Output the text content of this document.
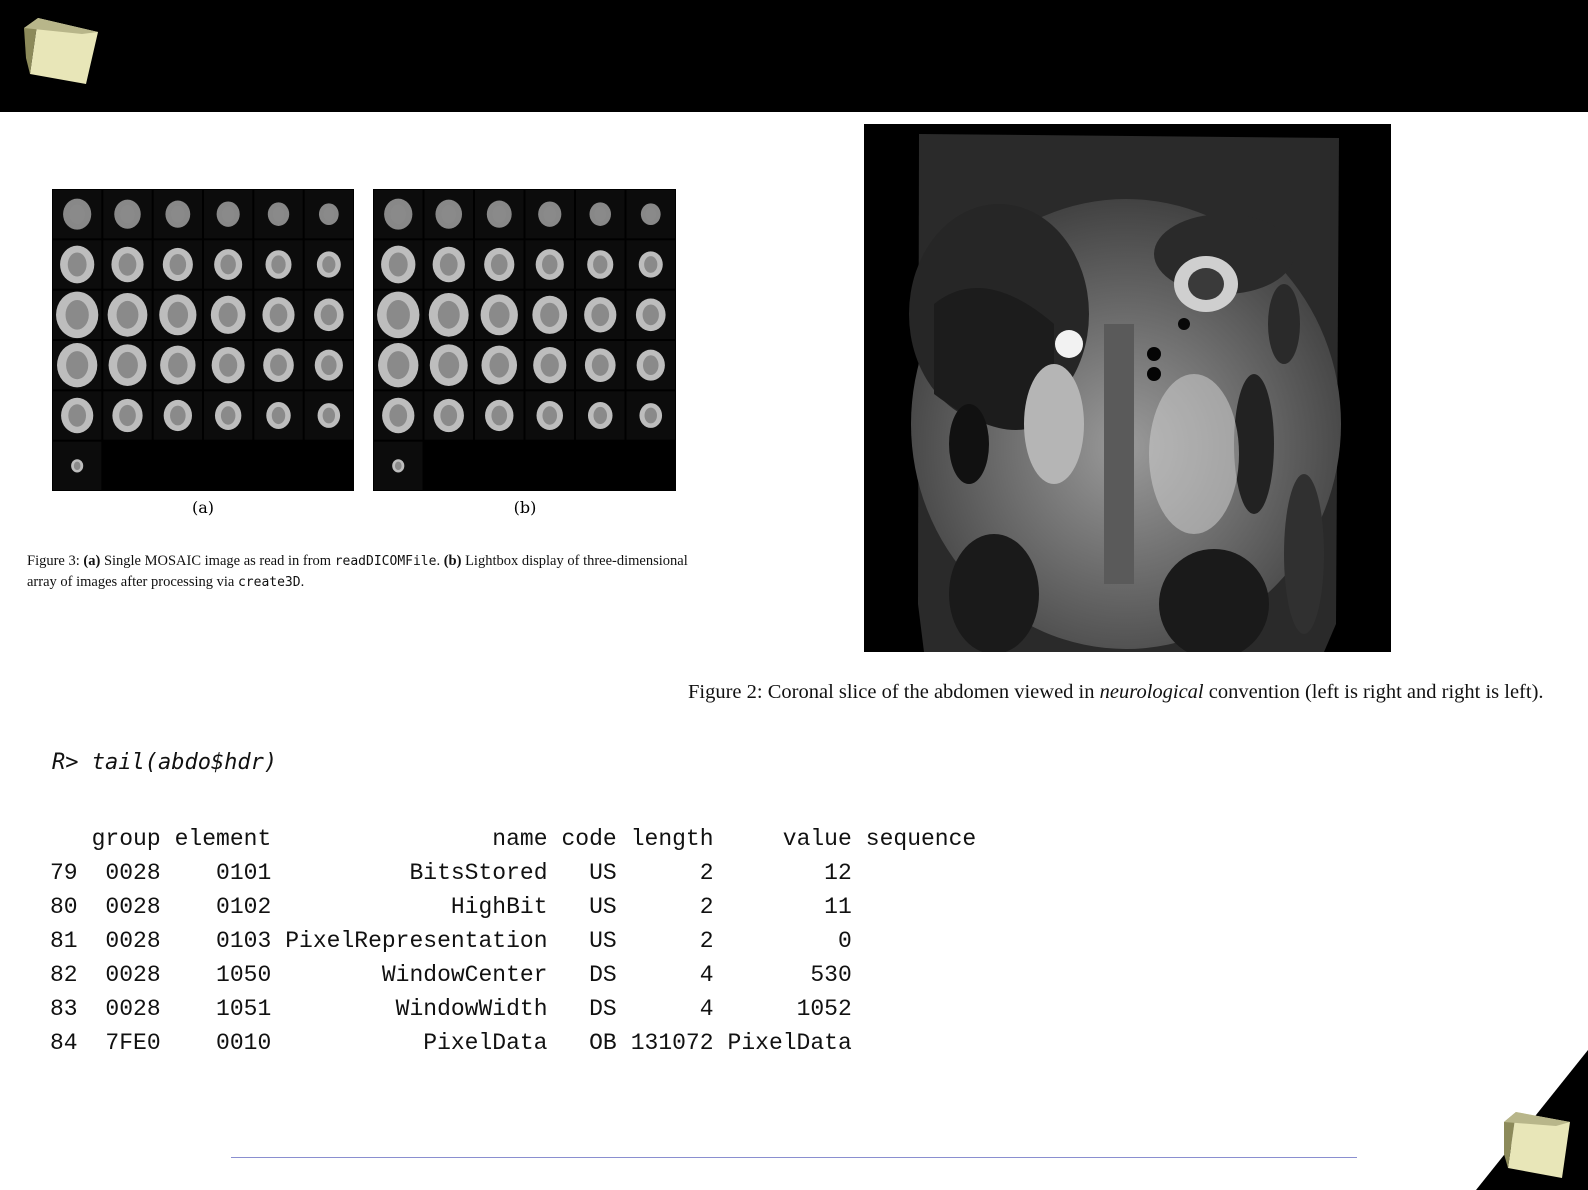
(a)	(b)
Figure 3: (a) Single MOSAIC image as read in from readDICOMFile. (b) Lightbox display of three-dimensional array of images after processing via create3D.
Figure 2: Coronal slice of the abdomen viewed in neurological convention (left is right and right is left).
R> tail(abdo$hdr)
	group	element	name	code	length	value	sequence
79	0028	0101	BitsStored	US	2	12	
80	0028	0102	HighBit	US	2	11	
81	0028	0103	PixelRepresentation	US	2	0	
82	0028	1050	WindowCenter	DS	4	530	
83	0028	1051	WindowWidth	DS	4	1052	
84	7FE0	0010	PixelData	OB	131072	PixelData	
